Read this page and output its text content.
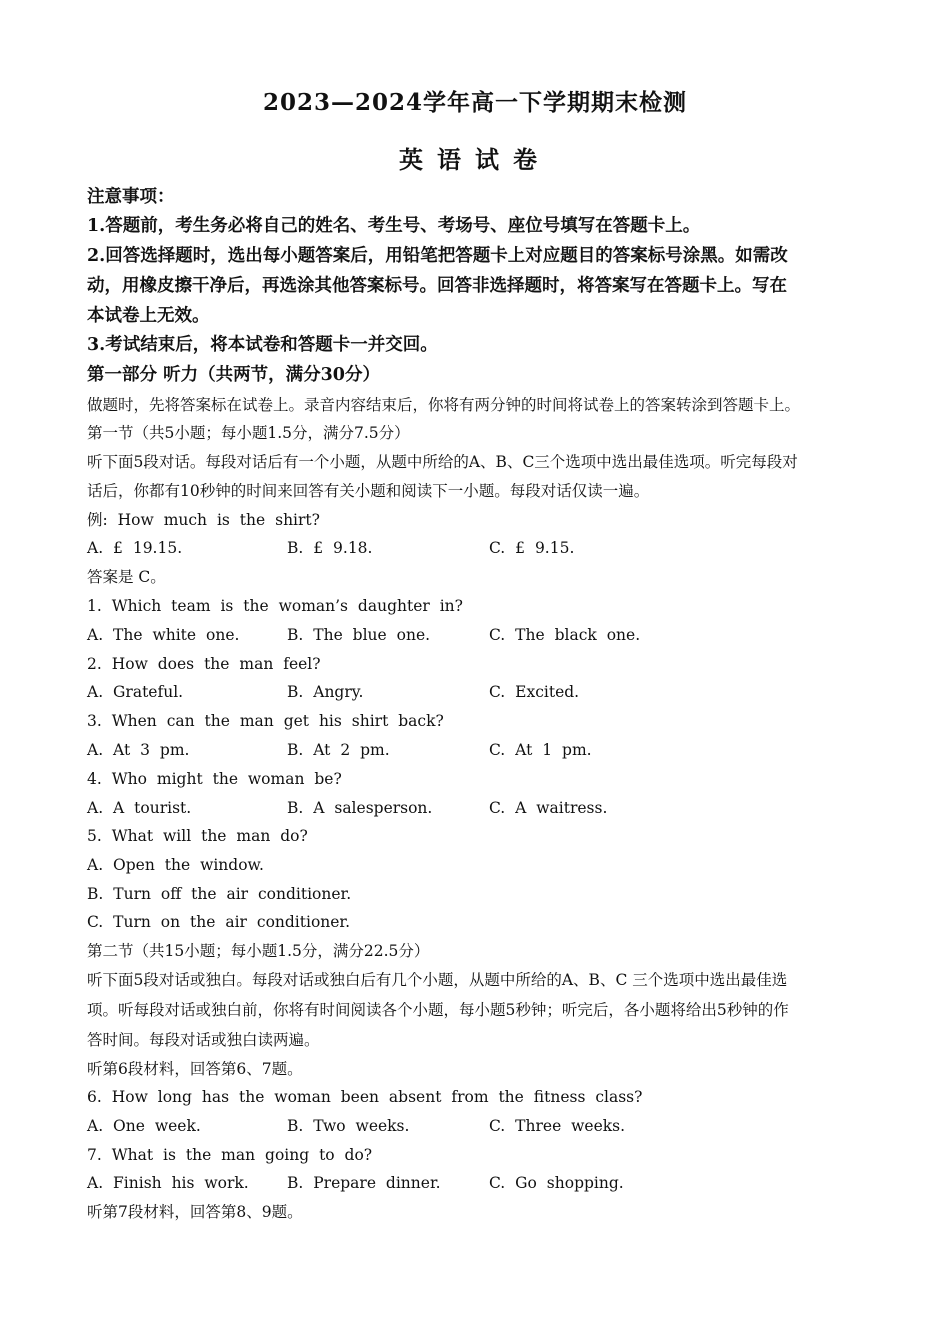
2023—2024学年高一下学期期末检测
英语试卷
注意事项：
1.答题前，考生务必将自己的姓名、考生号、考场号、座位号填写在答题卡上。
2.回答选择题时，选出每小题答案后，用铅笔把答题卡上对应题目的答案标号涂黑。如需改
动，用橡皮擦干净后，再选涂其他答案标号。回答非选择题时，将答案写在答题卡上。写在
本试卷上无效。
3.考试结束后，将本试卷和答题卡一并交回。
第一部分 听力（共两节，满分30分）
做题时，先将答案标在试卷上。录音内容结束后，你将有两分钟的时间将试卷上的答案转涂到答题卡上。
第一节（共5小题；每小题1.5分，满分7.5分）
听下面5段对话。每段对话后有一个小题，从题中所给的A、B、C三个选项中选出最佳选项。听完每段对
话后，你都有10秒钟的时间来回答有关小题和阅读下一小题。每段对话仅读一遍。
例: How much is the shirt?
A. £ 19.15.	B. £ 9.18.	C. £ 9.15.
答案是 C。
1. Which team is the woman’s daughter in?
A. The white one.	B. The blue one.	C. The black one.
2. How does the man feel?
A. Grateful.	B. Angry.	C. Excited.
3. When can the man get his shirt back?
A. At 3 pm.	B. At 2 pm.	C. At 1 pm.
4. Who might the woman be?
A. A tourist.	B. A salesperson.	C. A waitress.
5. What will the man do?
A. Open the window.
B. Turn off the air conditioner.
C. Turn on the air conditioner.
第二节（共15小题；每小题1.5分，满分22.5分）
听下面5段对话或独白。每段对话或独白后有几个小题，从题中所给的A、B、C 三个选项中选出最佳选
项。听每段对话或独白前，你将有时间阅读各个小题，每小题5秒钟；听完后，各小题将给出5秒钟的作
答时间。每段对话或独白读两遍。
听第6段材料，回答第6、7题。
6. How long has the woman been absent from the fitness class?
A. One week.	B. Two weeks.	C. Three weeks.
7. What is the man going to do?
A. Finish his work. B. Prepare dinner.	C. Go shopping.
听第7段材料，回答第8、9题。
